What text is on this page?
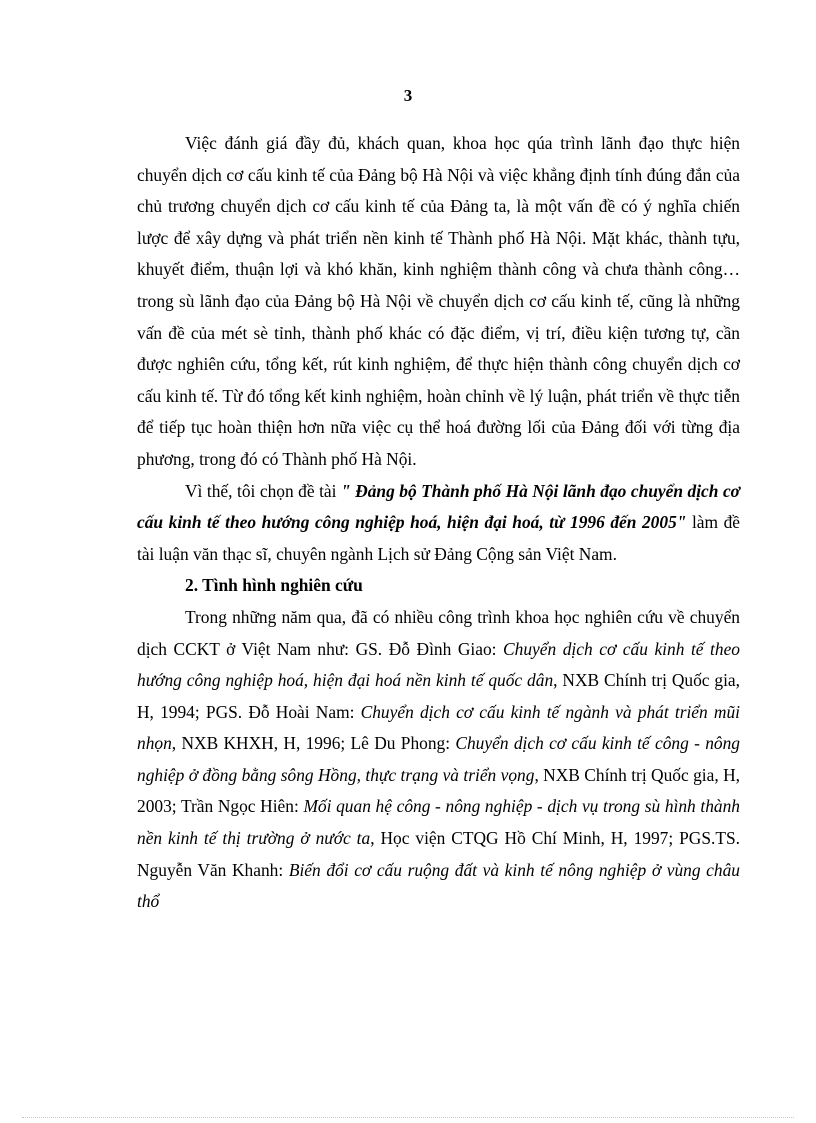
3

Việc đánh giá đầy đủ, khách quan, khoa học qúa trình lãnh đạo thực hiện chuyển dịch cơ cấu kinh tế của Đảng bộ Hà Nội và việc khẳng định tính đúng đắn của chủ trương chuyển dịch cơ cấu kinh tế của Đảng ta, là một vấn đề có ý nghĩa chiến lược để xây dựng và phát triển nền kinh tế Thành phố Hà Nội. Mặt khác, thành tựu, khuyết điểm, thuận lợi và khó khăn, kinh nghiệm thành công và chưa thành công… trong sù lãnh đạo của Đảng bộ Hà Nội về chuyển dịch cơ cấu kinh tế, cũng là những vấn đề của mét sè tỉnh, thành phố khác có đặc điểm, vị trí, điều kiện tương tự, cần được nghiên cứu, tổng kết, rút kinh nghiệm, để thực hiện thành công chuyển dịch cơ cấu kinh tế. Từ đó tổng kết kinh nghiệm, hoàn chỉnh về lý luận, phát triển về thực tiễn để tiếp tục hoàn thiện hơn nữa việc cụ thể hoá đường lối của Đảng đối với từng địa phương, trong đó có Thành phố Hà Nội.

Vì thế, tôi chọn đề tài " Đảng bộ Thành phố Hà Nội lãnh đạo chuyển dịch cơ cấu kinh tế theo hướng công nghiệp hoá, hiện đại hoá, từ 1996 đến 2005" làm đề tài luận văn thạc sĩ, chuyên ngành Lịch sử Đảng Cộng sản Việt Nam.

2. Tình hình nghiên cứu

Trong những năm qua, đã có nhiều công trình khoa học nghiên cứu về chuyển dịch CCKT ở Việt Nam như: GS. Đỗ Đình Giao: Chuyển dịch cơ cấu kinh tế theo hướng công nghiệp hoá, hiện đại hoá nền kinh tế quốc dân, NXB Chính trị Quốc gia, H, 1994; PGS. Đỗ Hoài Nam: Chuyển dịch cơ cấu kinh tế ngành và phát triển mũi nhọn, NXB KHXH, H, 1996; Lê Du Phong: Chuyển dịch cơ cấu kinh tế công - nông nghiệp ở đồng bằng sông Hồng, thực trạng và triển vọng, NXB Chính trị Quốc gia, H, 2003; Trần Ngọc Hiên: Mối quan hệ công - nông nghiệp - dịch vụ trong sù hình thành nền kinh tế thị trường ở nước ta, Học viện CTQG Hồ Chí Minh, H, 1997; PGS.TS. Nguyễn Văn Khanh: Biến đổi cơ cấu ruộng đất và kinh tế nông nghiệp ở vùng châu thổ
